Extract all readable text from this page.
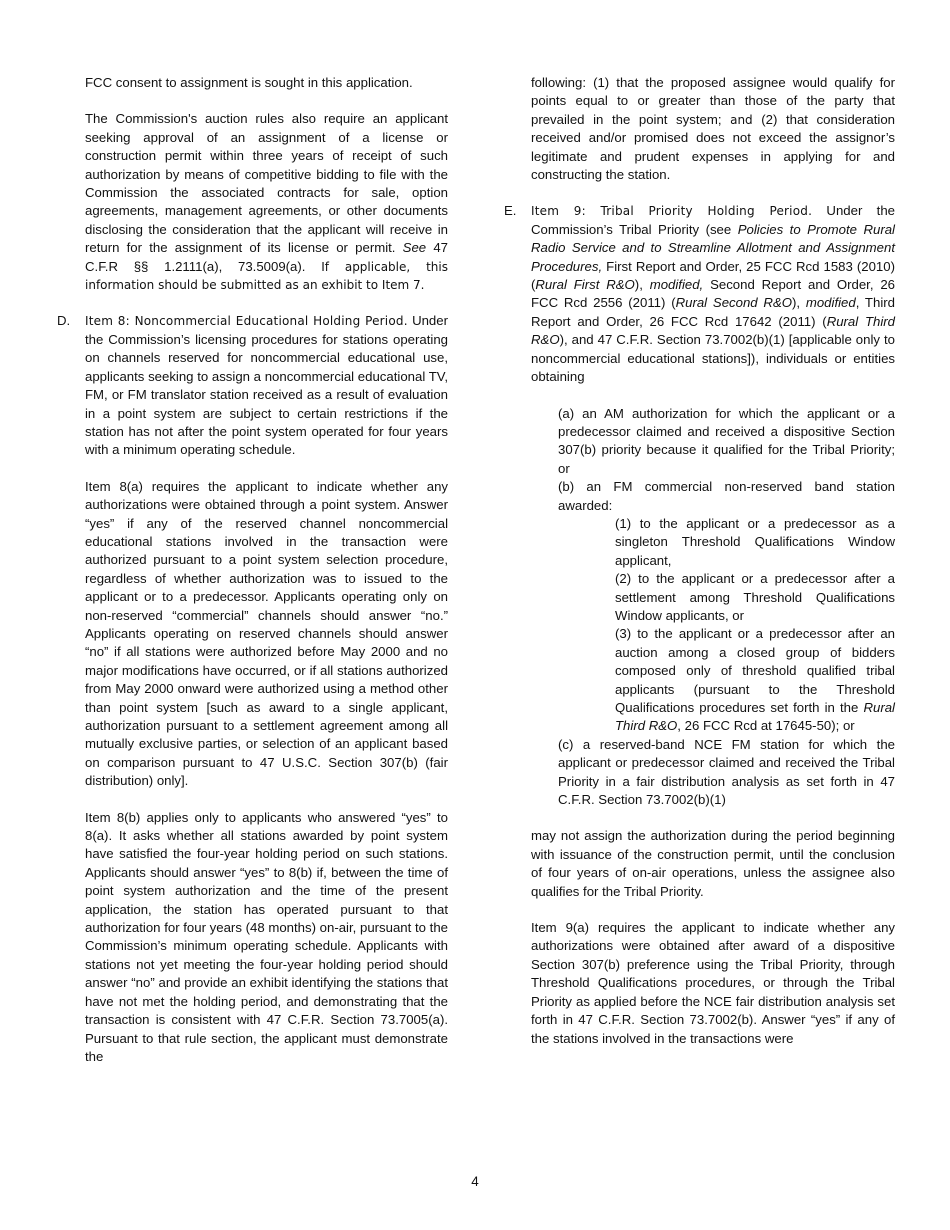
FCC consent to assignment is sought in this application.

The Commission's auction rules also require an applicant seeking approval of an assignment of a license or construction permit within three years of receipt of such authorization by means of competitive bidding to file with the Commission the associated contracts for sale, option agreements, management agreements, or other documents disclosing the consideration that the applicant will receive in return for the assignment of its license or permit. See 47 C.F.R §§ 1.2111(a), 73.5009(a). If applicable, this information should be submitted as an exhibit to Item 7.

D. Item 8: Noncommercial Educational Holding Period. Under the Commission’s licensing procedures for stations operating on channels reserved for noncommercial educational use, applicants seeking to assign a noncommercial educational TV, FM, or FM translator station received as a result of evaluation in a point system are subject to certain restrictions if the station has not after the point system operated for four years with a minimum operating schedule.

Item 8(a) requires the applicant to indicate whether any authorizations were obtained through a point system. Answer “yes” if any of the reserved channel noncommercial educational stations involved in the transaction were authorized pursuant to a point system selection procedure, regardless of whether authorization was to issued to the applicant or to a predecessor. Applicants operating only on non-reserved “commercial” channels should answer “no.” Applicants operating on reserved channels should answer “no” if all stations were authorized before May 2000 and no major modifications have occurred, or if all stations authorized from May 2000 onward were authorized using a method other than point system [such as award to a single applicant, authorization pursuant to a settlement agreement among all mutually exclusive parties, or selection of an applicant based on comparison pursuant to 47 U.S.C. Section 307(b) (fair distribution) only].

Item 8(b) applies only to applicants who answered “yes” to 8(a). It asks whether all stations awarded by point system have satisfied the four-year holding period on such stations. Applicants should answer “yes” to 8(b) if, between the time of point system authorization and the time of the present application, the station has operated pursuant to that authorization for four years (48 months) on-air, pursuant to the Commission’s minimum operating schedule. Applicants with stations not yet meeting the four-year holding period should answer “no” and provide an exhibit identifying the stations that have not met the holding period, and demonstrating that the transaction is consistent with 47 C.F.R. Section 73.7005(a). Pursuant to that rule section, the applicant must demonstrate the

following: (1) that the proposed assignee would qualify for points equal to or greater than those of the party that prevailed in the point system; and (2) that consideration received and/or promised does not exceed the assignor’s legitimate and prudent expenses in applying for and constructing the station.

E. Item 9: Tribal Priority Holding Period. Under the Commission’s Tribal Priority (see Policies to Promote Rural Radio Service and to Streamline Allotment and Assignment Procedures, First Report and Order, 25 FCC Rcd 1583 (2010) (Rural First R&O), modified, Second Report and Order, 26 FCC Rcd 2556 (2011) (Rural Second R&O), modified, Third Report and Order, 26 FCC Rcd 17642 (2011) (Rural Third R&O), and 47 C.F.R. Section 73.7002(b)(1) [applicable only to noncommercial educational stations]), individuals or entities obtaining

(a) an AM authorization for which the applicant or a predecessor claimed and received a dispositive Section 307(b) priority because it qualified for the Tribal Priority; or

(b) an FM commercial non-reserved band station awarded:

(1) to the applicant or a predecessor as a singleton Threshold Qualifications Window applicant,

(2) to the applicant or a predecessor after a settlement among Threshold Qualifications Window applicants, or

(3) to the applicant or a predecessor after an auction among a closed group of bidders composed only of threshold qualified tribal applicants (pursuant to the Threshold Qualifications procedures set forth in the Rural Third R&O, 26 FCC Rcd at 17645-50); or

(c) a reserved-band NCE FM station for which the applicant or predecessor claimed and received the Tribal Priority in a fair distribution analysis as set forth in 47 C.F.R. Section 73.7002(b)(1)

may not assign the authorization during the period beginning with issuance of the construction permit, until the conclusion of four years of on-air operations, unless the assignee also qualifies for the Tribal Priority.

Item 9(a) requires the applicant to indicate whether any authorizations were obtained after award of a dispositive Section 307(b) preference using the Tribal Priority, through Threshold Qualifications procedures, or through the Tribal Priority as applied before the NCE fair distribution analysis set forth in 47 C.F.R. Section 73.7002(b). Answer “yes” if any of the stations involved in the transactions were

4
